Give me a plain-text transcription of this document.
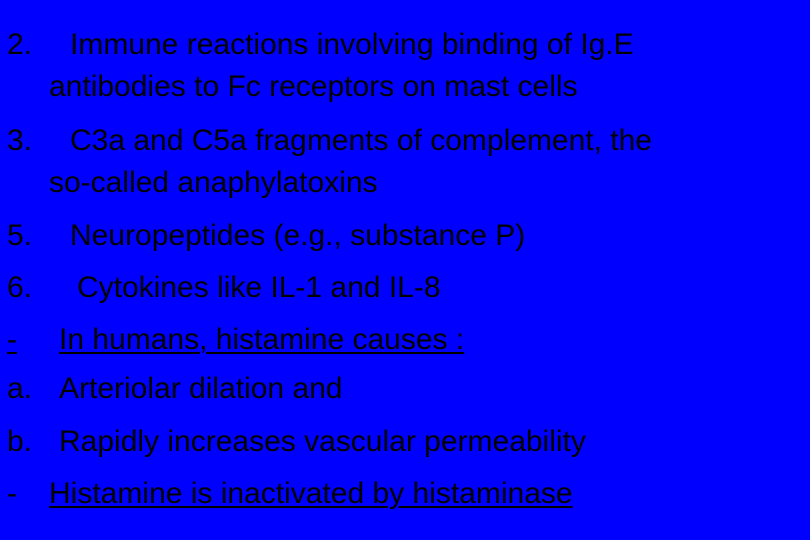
2. Immune reactions involving binding of Ig.E
antibodies to Fc receptors on mast cells
3. C3a and C5a fragments of complement, the
so-called anaphylatoxins
5. Neuropeptides (e.g., substance P)
6. Cytokines like IL-1 and IL-8
-	In humans, histamine causes :
a. Arteriolar dilation and
b. Rapidly increases vascular permeability
- Histamine is inactivated by histaminase
